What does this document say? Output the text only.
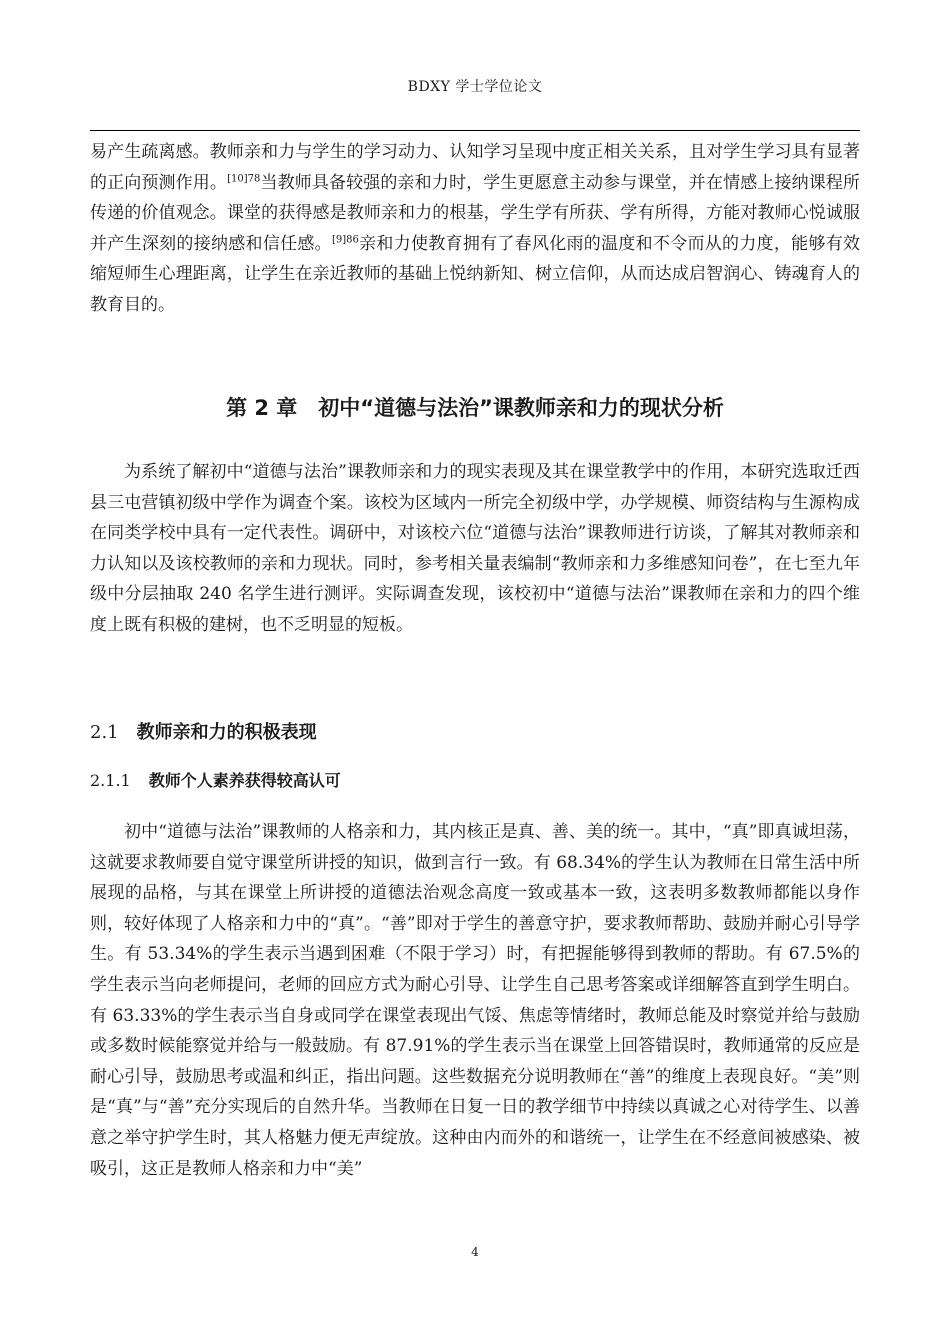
BDXY 学士学位论文
易产生疏离感。教师亲和力与学生的学习动力、认知学习呈现中度正相关关系，且对学生学习具有显著的正向预测作用。$^{[10]78}$当教师具备较强的亲和力时，学生更愿意主动参与课堂，并在情感上接纳课程所传递的价值观念。课堂的获得感是教师亲和力的根基，学生学有所获、学有所得，方能对教师心悦诚服并产生深刻的接纳感和信任感。$^{[9]86}$亲和力使教育拥有了春风化雨的温度和不令而从的力度，能够有效缩短师生心理距离，让学生在亲近教师的基础上悦纳新知、树立信仰，从而达成启智润心、铸魂育人的教育目的。
第 2 章　初中“道德与法治”课教师亲和力的现状分析
为系统了解初中“道德与法治”课教师亲和力的现实表现及其在课堂教学中的作用，本研究选取迁西县三屯营镇初级中学作为调查个案。该校为区域内一所完全初级中学，办学规模、师资结构与生源构成在同类学校中具有一定代表性。调研中，对该校六位“道德与法治”课教师进行访谈，了解其对教师亲和力认知以及该校教师的亲和力现状。同时，参考相关量表编制“教师亲和力多维感知问卷”，在七至九年级中分层抽取 240 名学生进行测评。实际调查发现，该校初中“道德与法治”课教师在亲和力的四个维度上既有积极的建树，也不乏明显的短板。
2.1 教师亲和力的积极表现
2.1.1 教师个人素养获得较高认可
初中“道德与法治”课教师的人格亲和力，其内核正是真、善、美的统一。其中，“真”即真诚坦荡，这就要求教师要自觉守课堂所讲授的知识，做到言行一致。有 68.34%的学生认为教师在日常生活中所展现的品格，与其在课堂上所讲授的道德法治观念高度一致或基本一致，这表明多数教师都能以身作则，较好体现了人格亲和力中的“真”。“善”即对于学生的善意守护，要求教师帮助、鼓励并耐心引导学生。有 53.34%的学生表示当遇到困难（不限于学习）时，有把握能够得到教师的帮助。有 67.5%的学生表示当向老师提问，老师的回应方式为耐心引导、让学生自己思考答案或详细解答直到学生明白。有 63.33%的学生表示当自身或同学在课堂表现出气馁、焦虑等情绪时，教师总能及时察觉并给与鼓励或多数时候能察觉并给与一般鼓励。有 87.91%的学生表示当在课堂上回答错误时，教师通常的反应是耐心引导，鼓励思考或温和纠正，指出问题。这些数据充分说明教师在“善”的维度上表现良好。“美”则是“真”与“善”充分实现后的自然升华。当教师在日复一日的教学细节中持续以真诚之心对待学生、以善意之举守护学生时，其人格魅力便无声绽放。这种由内而外的和谐统一，让学生在不经意间被感染、被吸引，这正是教师人格亲和力中“美”
4
